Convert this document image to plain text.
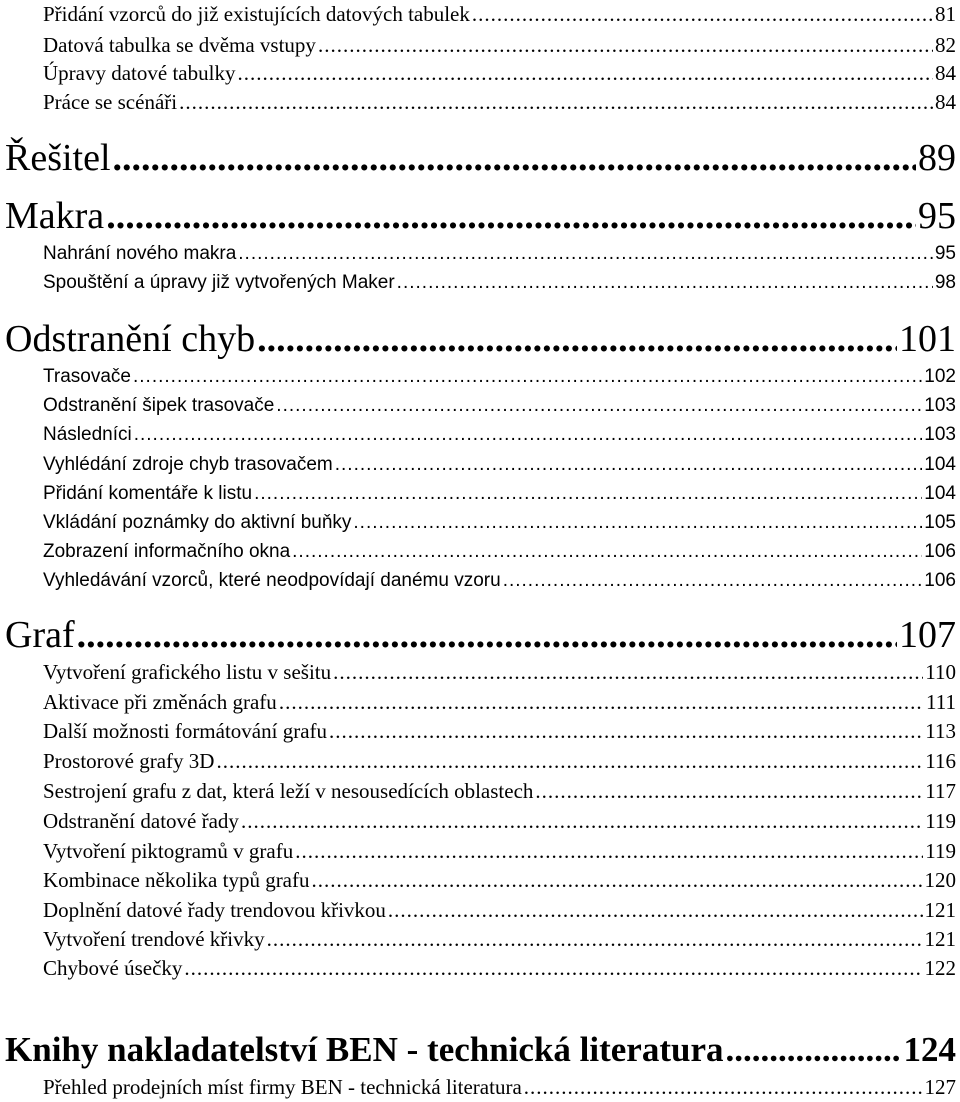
Přidání vzorců do již existujících datových tabulek .....	81
Datová tabulka se dvěma vstupy .....	82
Úpravy datové tabulky .....	84
Práce se scénáři .....	84
Řešitel .....	89
Makra .....	95
Nahrání nového makra .....	95
Spouštění a úpravy již vytvořených Maker .....	98
Odstranění chyb .....	101
Trasovače .....	102
Odstranění šipek trasovače .....	103
Následníci .....	103
Vyhlédání zdroje chyb trasovačem .....	104
Přidání komentáře k listu .....	104
Vkládání poznámky do aktivní buňky .....	105
Zobrazení informačního okna .....	106
Vyhledávání vzorců, které neodpovídají danému vzoru .....	106
Graf .....	107
Vytvoření grafického listu v sešitu .....	110
Aktivace při změnách grafu .....	111
Další možnosti formátování grafu .....	113
Prostorové grafy 3D .....	116
Sestrojení grafu z dat, která leží v nesousedících oblastech .....	117
Odstranění datové řady .....	119
Vytvoření piktogramů v grafu .....	119
Kombinace několika typů grafu .....	120
Doplnění datové řady trendovou křivkou .....	121
Vytvoření trendové křivky .....	121
Chybové úsečky .....	122
Knihy nakladatelství BEN - technická literatura .....	124
Přehled prodejních míst firmy BEN - technická literatura .....	127
